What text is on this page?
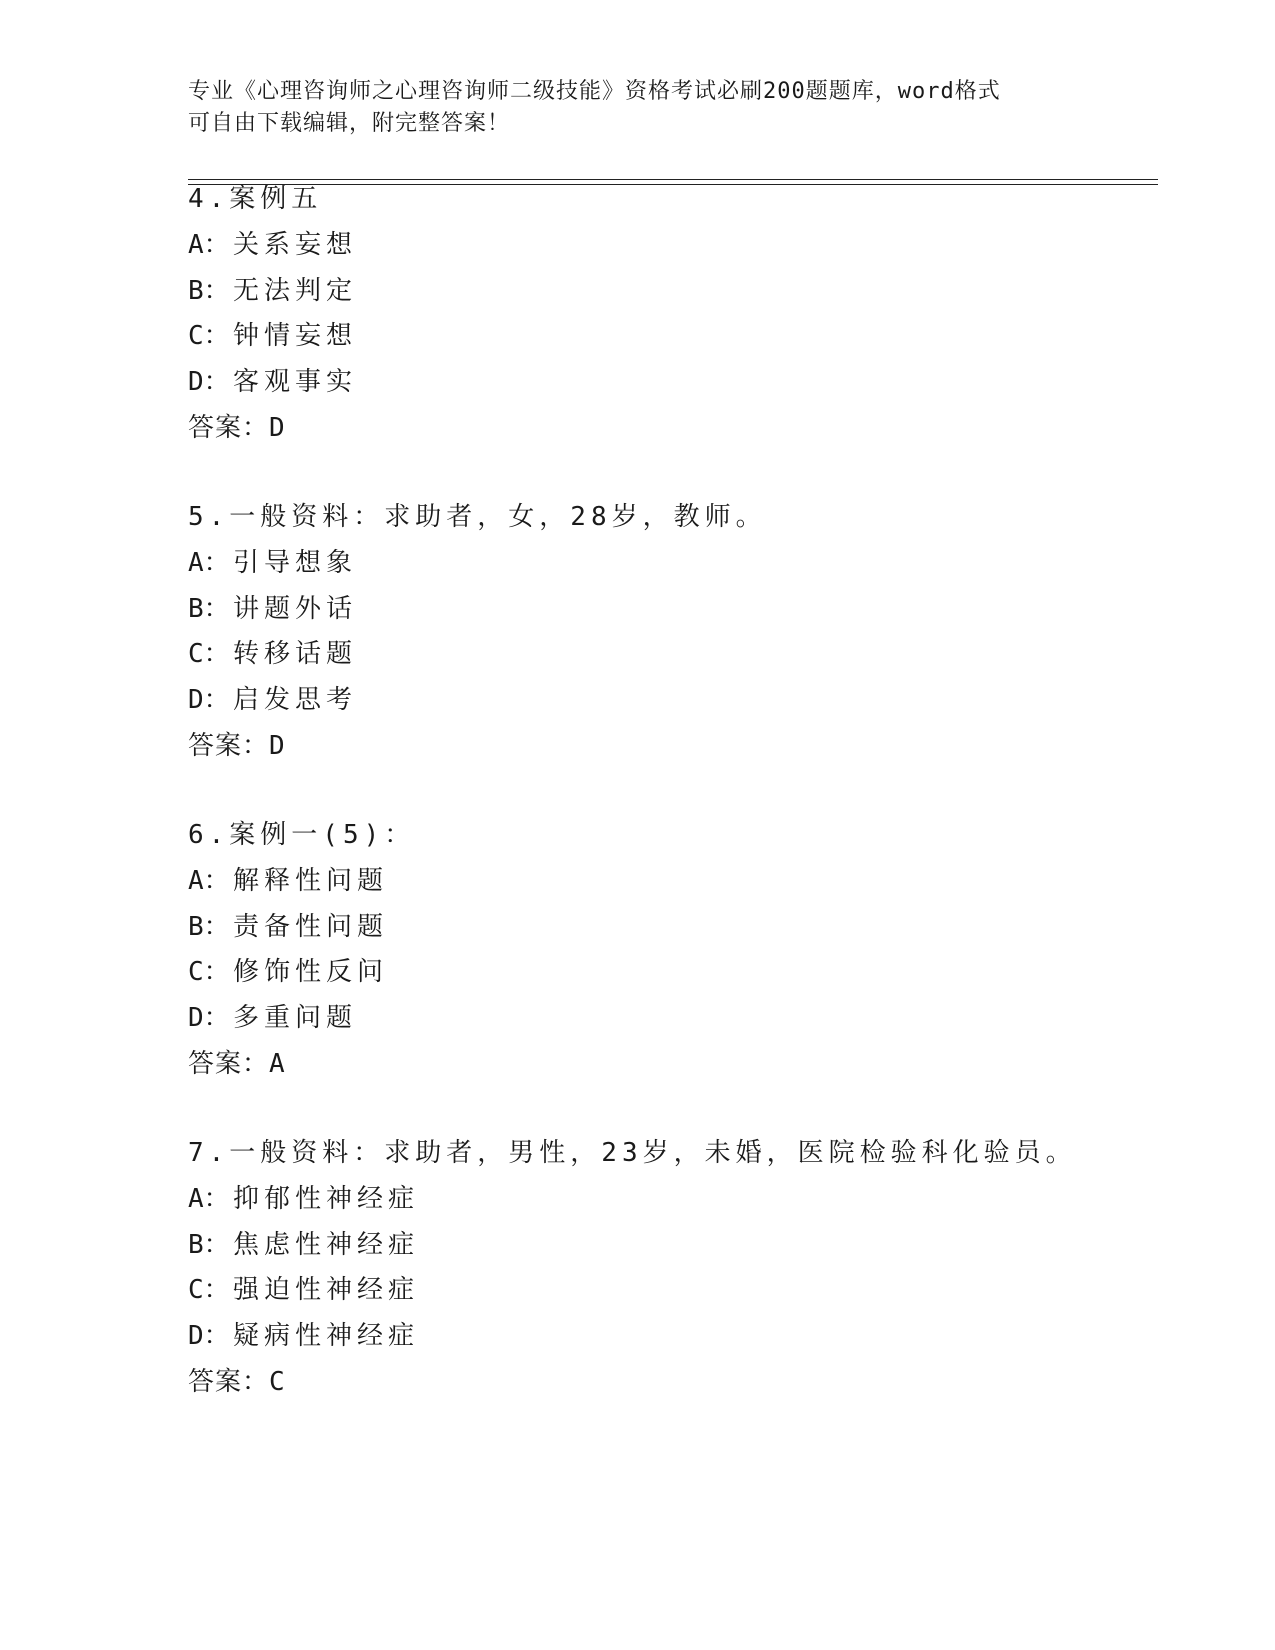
专业《心理咨询师之心理咨询师二级技能》资格考试必刷200题题库，word格式
可自由下载编辑，附完整答案！
4.案例五
A： 关系妄想
B： 无法判定
C： 钟情妄想
D： 客观事实
答案：D
5.一般资料：求助者，女，28岁，教师。
A： 引导想象
B： 讲题外话
C： 转移话题
D： 启发思考
答案：D
6.案例一(5)：
A： 解释性问题
B： 责备性问题
C： 修饰性反问
D： 多重问题
答案：A
7.一般资料：求助者，男性，23岁，未婚，医院检验科化验员。
A： 抑郁性神经症
B： 焦虑性神经症
C： 强迫性神经症
D： 疑病性神经症
答案：C
